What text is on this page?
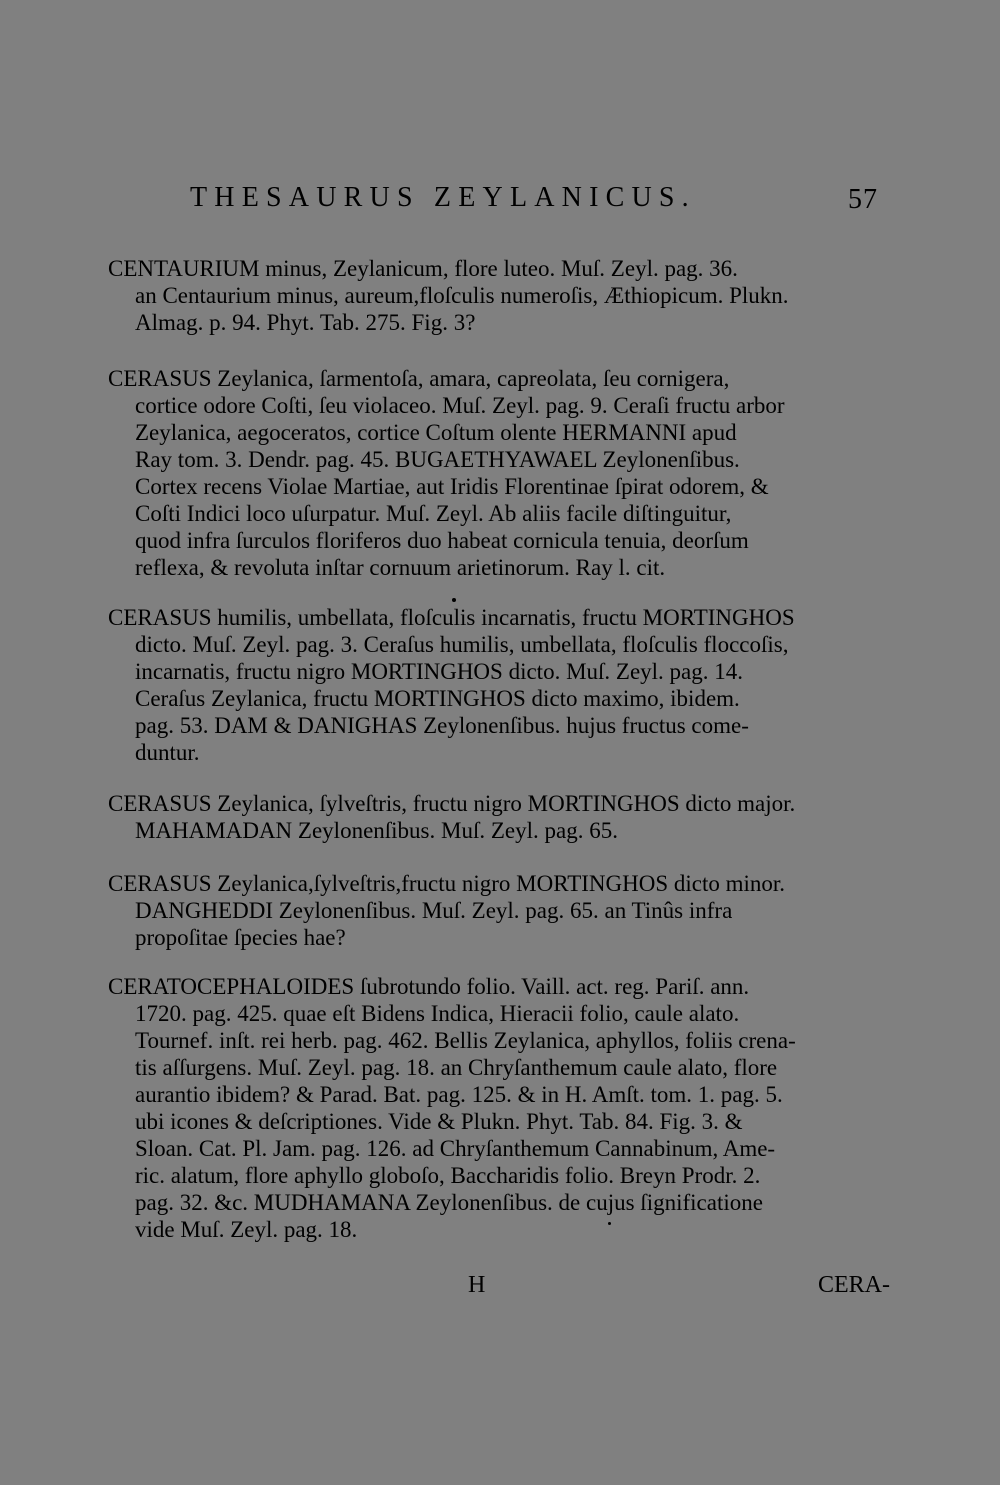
THESAURUS ZEYLANICUS.	57
CENTAURIUM minus, Zeylanicum, flore luteo. Muſ. Zeyl. pag. 36.
an Centaurium minus, aureum,floſculis numeroſis, Æthiopicum. Plukn.
Almag. p. 94. Phyt. Tab. 275. Fig. 3?
CERASUS Zeylanica, ſarmentoſa, amara, capreolata, ſeu cornigera,
cortice odore Coſti, ſeu violaceo. Muſ. Zeyl. pag. 9. Ceraſi fructu arbor
Zeylanica, aegoceratos, cortice Coſtum olente HERMANNI apud
Ray tom. 3. Dendr. pag. 45. BUGAETHYAWAEL Zeylonenſibus.
Cortex recens Violae Martiae, aut Iridis Florentinae ſpirat odorem, &
Coſti Indici loco uſurpatur. Muſ. Zeyl. Ab aliis facile diſtinguitur,
quod infra ſurculos floriferos duo habeat cornicula tenuia, deorſum
reflexa, & revoluta inſtar cornuum arietinorum. Ray l. cit.
CERASUS humilis, umbellata, floſculis incarnatis, fructu MORTINGHOS
dicto. Muſ. Zeyl. pag. 3. Ceraſus humilis, umbellata, floſculis floccoſis,
incarnatis, fructu nigro MORTINGHOS dicto. Muſ. Zeyl. pag. 14.
Ceraſus Zeylanica, fructu MORTINGHOS dicto maximo, ibidem.
pag. 53. DAM & DANIGHAS Zeylonenſibus. hujus fructus come-
duntur.
CERASUS Zeylanica, ſylveſtris, fructu nigro MORTINGHOS dicto major.
MAHAMADAN Zeylonenſibus. Muſ. Zeyl. pag. 65.
CERASUS Zeylanica,ſylveſtris,fructu nigro MORTINGHOS dicto minor.
DANGHEDDI Zeylonenſibus. Muſ. Zeyl. pag. 65. an Tinûs infra
propoſitae ſpecies hae?
CERATOCEPHALOIDES ſubrotundo folio. Vaill. act. reg. Pariſ. ann.
1720. pag. 425. quae eſt Bidens Indica, Hieracii folio, caule alato.
Tournef. inſt. rei herb. pag. 462. Bellis Zeylanica, aphyllos, foliis crena-
tis aſſurgens. Muſ. Zeyl. pag. 18. an Chryſanthemum caule alato, flore
aurantio ibidem? & Parad. Bat. pag. 125. & in H. Amſt. tom. 1. pag. 5.
ubi icones & deſcriptiones. Vide & Plukn. Phyt. Tab. 84. Fig. 3. &
Sloan. Cat. Pl. Jam. pag. 126. ad Chryſanthemum Cannabinum, Ame-
ric. alatum, flore aphyllo globoſo, Baccharidis folio. Breyn Prodr. 2.
pag. 32. &c. MUDHAMANA Zeylonenſibus. de cujus ſignificatione
vide Muſ. Zeyl. pag. 18.
H	CERA-
